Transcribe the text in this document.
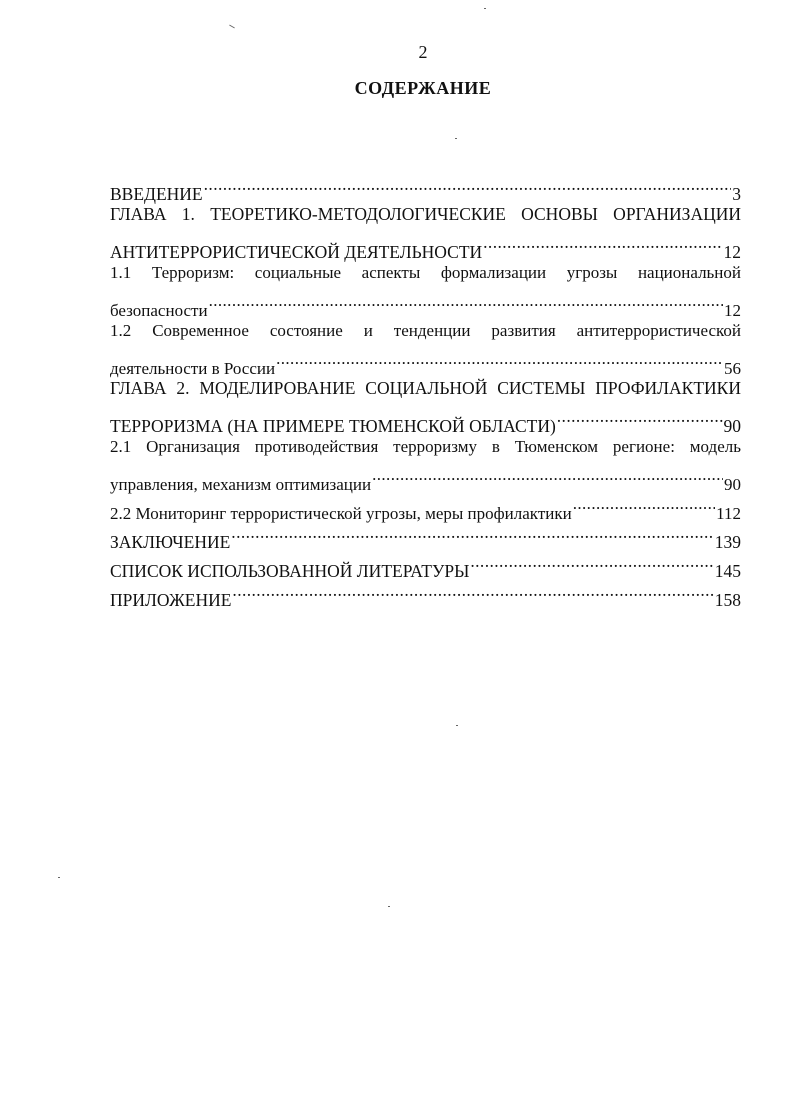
2
СОДЕРЖАНИЕ
ВВЕДЕНИЕ .....	3
ГЛАВА 1. ТЕОРЕТИКО-МЕТОДОЛОГИЧЕСКИЕ ОСНОВЫ ОРГАНИЗАЦИИ
АНТИТЕРРОРИСТИЧЕСКОЙ ДЕЯТЕЛЬНОСТИ .....	12
1.1 Терроризм: социальные аспекты формализации угрозы национальной
безопасности .....	12
1.2 Современное состояние и тенденции развития антитеррористической
деятельности в России .....	56
ГЛАВА 2. МОДЕЛИРОВАНИЕ СОЦИАЛЬНОЙ СИСТЕМЫ ПРОФИЛАКТИКИ
ТЕРРОРИЗМА (НА ПРИМЕРЕ ТЮМЕНСКОЙ ОБЛАСТИ) .....	90
2.1 Организация противодействия терроризму в Тюменском регионе: модель
управления, механизм оптимизации .....	90
2.2 Мониторинг террористической угрозы, меры профилактики .....	112
ЗАКЛЮЧЕНИЕ .....	139
СПИСОК ИСПОЛЬЗОВАННОЙ ЛИТЕРАТУРЫ .....	145
ПРИЛОЖЕНИЕ .....	158
